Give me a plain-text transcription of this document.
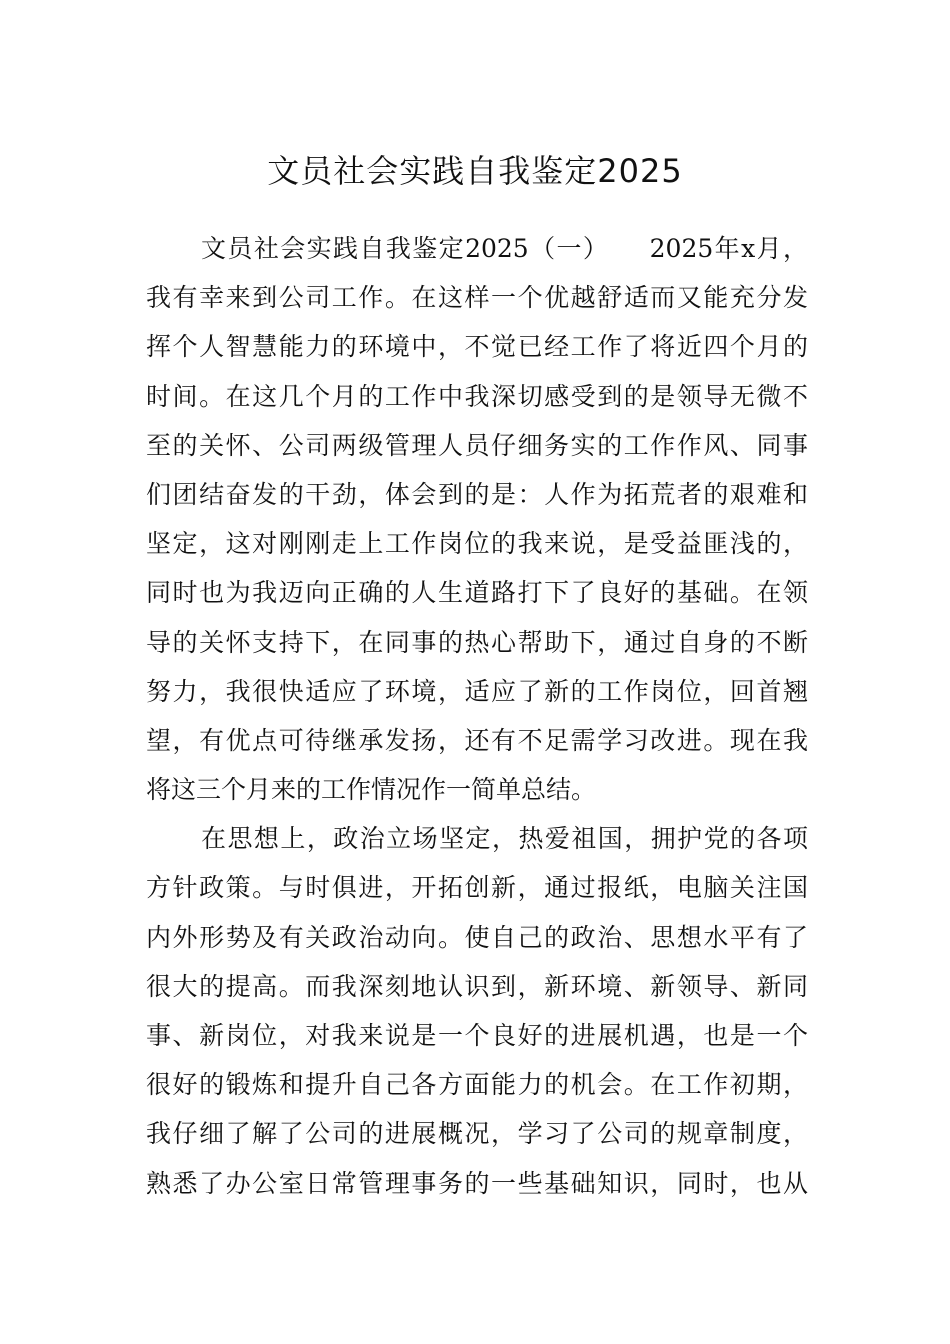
文员社会实践自我鉴定2025
文员社会实践自我鉴定2025（一）　　2025年x月，
我有幸来到公司工作。在这样一个优越舒适而又能充分发
挥个人智慧能力的环境中，不觉已经工作了将近四个月的
时间。在这几个月的工作中我深切感受到的是领导无微不
至的关怀、公司两级管理人员仔细务实的工作作风、同事
们团结奋发的干劲，体会到的是：人作为拓荒者的艰难和
坚定，这对刚刚走上工作岗位的我来说，是受益匪浅的，
同时也为我迈向正确的人生道路打下了良好的基础。在领
导的关怀支持下，在同事的热心帮助下，通过自身的不断
努力，我很快适应了环境，适应了新的工作岗位，回首翘
望，有优点可待继承发扬，还有不足需学习改进。现在我
将这三个月来的工作情况作一简单总结。
在思想上，政治立场坚定，热爱祖国，拥护党的各项
方针政策。与时俱进，开拓创新，通过报纸，电脑关注国
内外形势及有关政治动向。使自己的政治、思想水平有了
很大的提高。而我深刻地认识到，新环境、新领导、新同
事、新岗位，对我来说是一个良好的进展机遇，也是一个
很好的锻炼和提升自己各方面能力的机会。在工作初期，
我仔细了解了公司的进展概况，学习了公司的规章制度，
熟悉了办公室日常管理事务的一些基础知识，同时，也从
